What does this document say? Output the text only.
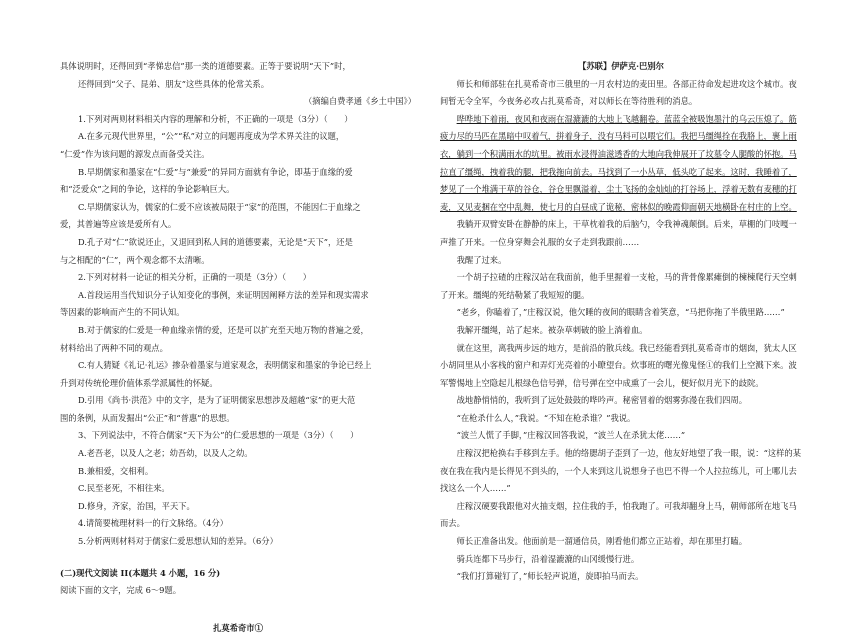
具体说明时，还得回到“孝悌忠信”那一类的道德要素。正等于要说明“天下”时，

还得回到“父子、昆弟、朋友”这些具体的伦常关系。

（摘编自费孝通《乡土中国》）

1.下列对两则材料相关内容的理解和分析，不正确的一项是（3分）（　　）

A.在多元现代世界里，“公”“私”对立的问题再度成为学术界关注的议题，

“仁爱”作为该问题的源发点而备受关注。

B.早期儒家和墨家在“仁爱”与“兼爱”的异同方面就有争论，即基于血缘的爱

和“泛爱众”之间的争论，这样的争论影响巨大。

C.早期儒家认为，儒家的仁爱不应该被局限于“家”的范围，不能因仁于血缘之

爱，其普遍等应该是爱所有人。

D.孔子对“仁”欲说还止，又退回到私人间的道德要素，无论是“天下”，还是

与之相配的“仁”，两个观念都不太清晰。

2.下列对材料一论证的相关分析，正确的一项是（3分）（　　）

A.首段运用当代知识分子认知变化的事例，来证明因阐释方法的差异和现实需求

等因素的影响而产生的不同认知。

B.对于儒家的仁爱是一种血缘亲情的爱，还是可以扩充至天地万物的普遍之爱，

材料给出了两种不同的观点。

C.有人猜疑《礼记·礼运》掺杂着墨家与道家观念，表明儒家和墨家的争论已经上

升到对传统伦理价值体系学派属性的怀疑。

D.引用《尚书·洪范》中的文字，是为了证明儒家思想涉及超越“家”的更大范

围的条例，从而发掘出“公正”和“普惠”的思想。

3、下列说法中，不符合儒家“天下为公”的仁爱思想的一项是（3分）（　　）

A.老吾老，以及人之老；幼吾幼，以及人之幼。

B.兼相爱，交相利。

C.民至老死，不相往来。

D.修身，齐家，治国，平天下。

4.请简要梳理材料一的行文脉络。（4分）

5.分析两则材料对于儒家仁爱思想认知的差异。（6分）

(二)现代文阅读 II(本题共 4 小题，16 分)

阅读下面的文字，完成 6～9题。

扎莫希奇市①

【苏联】伊萨克·巴别尔

师长和师部驻在扎莫希奇市三俄里的一月农村边的麦田里。各部正待命发起进攻这个城市。夜间暂无令全军，今夜务必攻占扎莫希奇，对以师长在等待胜利的消息。

哗哗地下着雨，夜风和夜雨在湿漉漉的大地上飞越翻卷。蓝蓝全被吸饱墨汁的乌云压熄了。筋疲力尽的马匹在黑暗中叹着气，拼着身子，没有马料可以喂它们。我把马缰绳拴在我胳上，裹上雨衣，躺到一个积满雨水的坑里。被雨水浸得油滋透香的大地向我伸展开了坟墓令人腿酸的怀抱。马拉直了缰绳，拽着我的腿，把我拖向前去。马找到了一小丛草，低头吃了起来。这时，我睡着了，梦见了一个堆满干草的谷仓，谷仓里飘溢着，尘土飞扬的金灿灿的打谷场上，浮着无数有麦穗的打麦，又见麦捆在空中乱舞，使七月的白昼成了诡秘，密林似的晚霞仰面朝天地横卧在村庄的上空。

我躺开双臂安卧在静静的床上，干草枕着我的后脑勺，令我神魂颠倒。后来，草棚的门吱嘎一声推了开来。一位身穿舞会礼服的女子走到我跟前……

我醒了过来。

一个胡子拉碴的庄稼汉站在我面前，他手里握着一支枪，马的背骨像累瘫倒的楝楝爬行天空刺了开来。缰绳的死结勒紧了我短短的腿。

“老乡，你瞌着了，”庄稼汉说，他欠睡的夜间的眼睛含着笑意，“马把你拖了半俄里路……”

我解开缰绳，站了起来。被杂草刺破的脸上淌着血。

就在这里，离我两步远的地方，是前沿的散兵线。我已经能看到扎莫希奇市的烟囱，犹太人区小胡同里从小客栈的窗户和弄灯光亮着的小瞭望台。炊事班的曙光像鬼怪①的我们上空溅下来。波军警惕地上空隐起儿根绿色信号弹，信号弹在空中成熏了一会儿，便好似月光下的歧院。

战地静悄悄的，我听到了远处鼓鼓的哗吟声。秘密冒着的烟雾弥漫在我们四周。

“在枪杀什么人，”我说。“不知在枪杀谁？”我说。

“波兰人慌了手脚，”庄稼汉回答我说，“波兰人在杀犹太佬……”

庄稼汉把枪换右手移到左手。他的络腮胡子歪到了一边，他友好地望了我一眼，说：“这样的某夜在我在我内是长得见不到头的，一个人来到这儿说想身子也巴不得一个人拉拉练儿，可上哪儿去找这么一个人……”

庄稼汉硬要我跟他对火抽支烟，拉住我的手，怕我跑了。可我却翻身上马，朝师部所在地飞马而去。

师长正准备出发。他面前是一溜通信员，刚看他们都立正站着，却在那里打瞌。

骑兵连都下马步行，沿着湿漉漉的山冈缓慢行进。

“我们打算碰钉了，”师长轻声说道，旋即拍马而去。
